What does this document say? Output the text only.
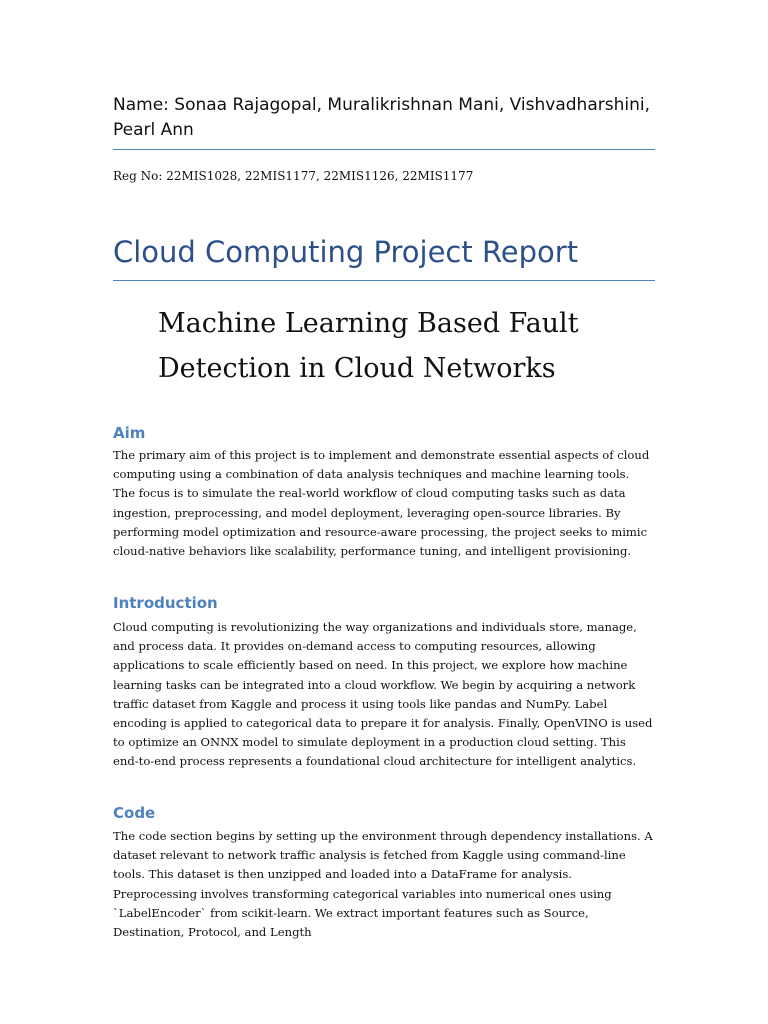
Name: Sonaa Rajagopal, Muralikrishnan Mani, Vishvadharshini, Pearl Ann
Reg No: 22MIS1028, 22MIS1177, 22MIS1126, 22MIS1177
Cloud Computing Project Report
Machine Learning Based Fault Detection in Cloud Networks
Aim

The primary aim of this project is to implement and demonstrate essential aspects of cloud computing using a combination of data analysis techniques and machine learning tools. The focus is to simulate the real-world workflow of cloud computing tasks such as data ingestion, preprocessing, and model deployment, leveraging open-source libraries. By performing model optimization and resource-aware processing, the project seeks to mimic cloud-native behaviors like scalability, performance tuning, and intelligent provisioning.

Introduction

Cloud computing is revolutionizing the way organizations and individuals store, manage, and process data. It provides on-demand access to computing resources, allowing applications to scale efficiently based on need. In this project, we explore how machine learning tasks can be integrated into a cloud workflow. We begin by acquiring a network traffic dataset from Kaggle and process it using tools like pandas and NumPy. Label encoding is applied to categorical data to prepare it for analysis. Finally, OpenVINO is used to optimize an ONNX model to simulate deployment in a production cloud setting. This end-to-end process represents a foundational cloud architecture for intelligent analytics.

Code

The code section begins by setting up the environment through dependency installations. A dataset relevant to network traffic analysis is fetched from Kaggle using command-line tools. This dataset is then unzipped and loaded into a DataFrame for analysis. Preprocessing involves transforming categorical variables into numerical ones using `LabelEncoder` from scikit-learn. We extract important features such as Source, Destination, Protocol, and Length
